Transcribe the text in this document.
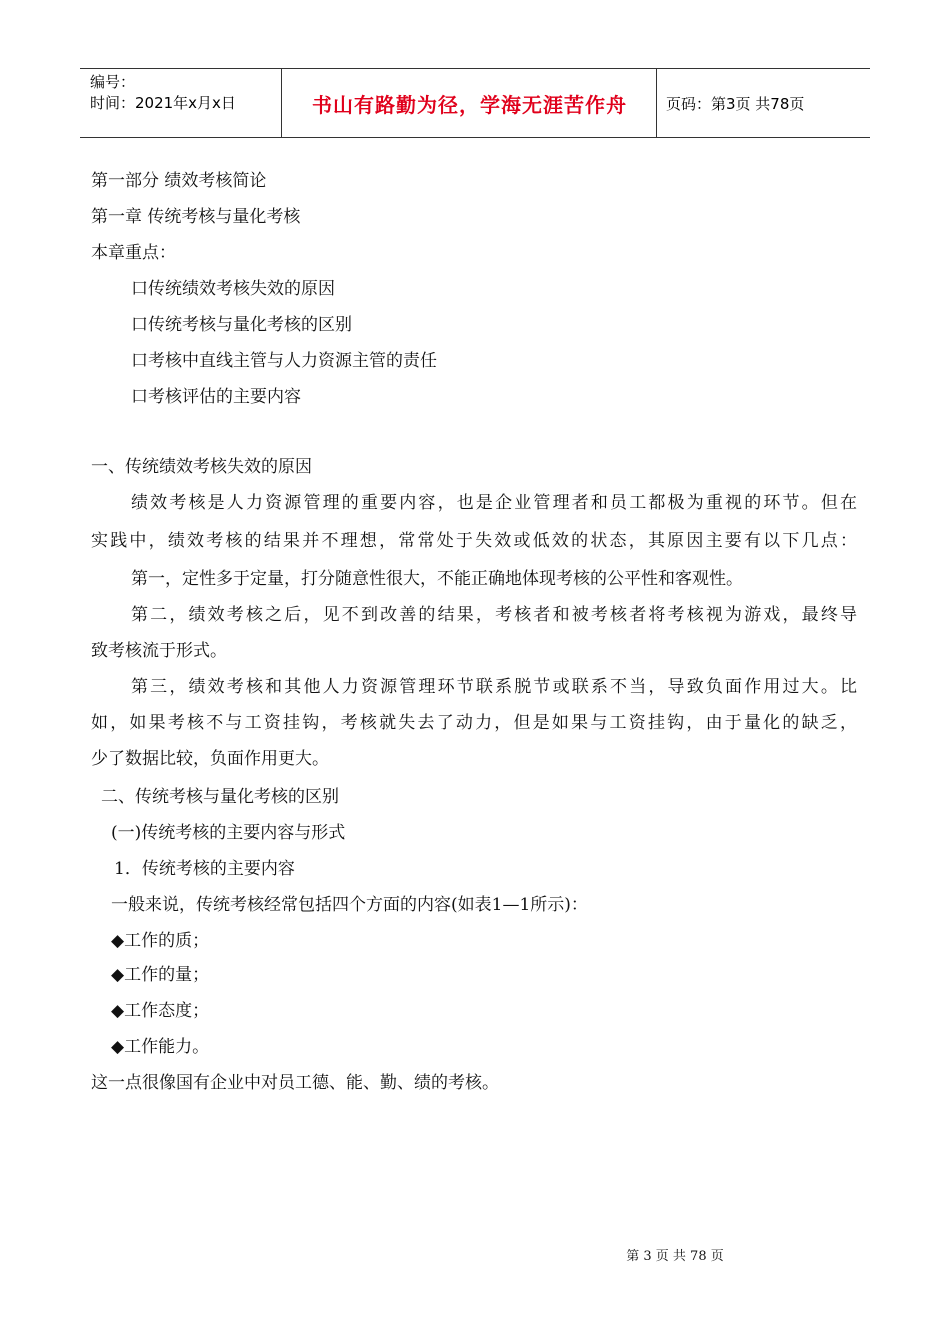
编号：
时间：2021年x月x日	书山有路勤为径，学海无涯苦作舟	页码：第3页 共78页
第一部分 绩效考核简论
第一章 传统考核与量化考核
本章重点：
口传统绩效考核失效的原因
口传统考核与量化考核的区别
口考核中直线主管与人力资源主管的责任
口考核评估的主要内容
一、传统绩效考核失效的原因
绩效考核是人力资源管理的重要内容，也是企业管理者和员工都极为重视的环节。但在
实践中，绩效考核的结果并不理想，常常处于失效或低效的状态，其原因主要有以下几点：
第一，定性多于定量，打分随意性很大，不能正确地体现考核的公平性和客观性。
第二，绩效考核之后，见不到改善的结果，考核者和被考核者将考核视为游戏，最终导
致考核流于形式。
第三，绩效考核和其他人力资源管理环节联系脱节或联系不当，导致负面作用过大。比
如，如果考核不与工资挂钩，考核就失去了动力，但是如果与工资挂钩，由于量化的缺乏，
少了数据比较，负面作用更大。
二、传统考核与量化考核的区别
(一)传统考核的主要内容与形式
1．传统考核的主要内容
一般来说，传统考核经常包括四个方面的内容(如表1—1所示)：
◆工作的质；
◆工作的量；
◆工作态度；
◆工作能力。
这一点很像国有企业中对员工德、能、勤、绩的考核。
第 3 页 共 78 页
